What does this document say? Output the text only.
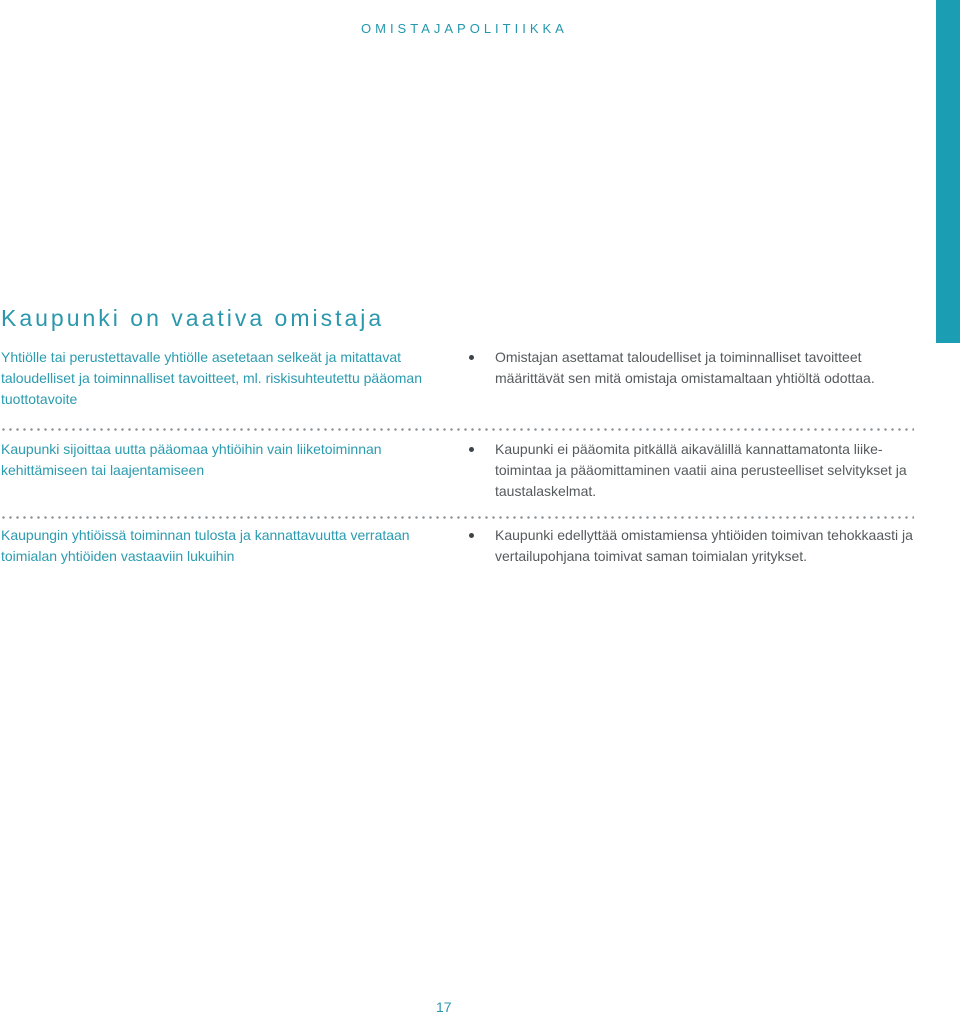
OMISTAJAPOLITIIKKA
Kaupunki on vaativa omistaja
Yhtiölle tai perustettavalle yhtiölle asetetaan selkeät ja mitattavat taloudelliset ja toiminnalliset tavoitteet, ml. riskisuhteutettu pääoman tuottotavoite
Omistajan asettamat taloudelliset ja toiminnalliset tavoitteet määrittävät sen mitä omistaja omistamaltaan yhtiöltä odottaa.
Kaupunki sijoittaa uutta pääomaa yhtiöihin vain liiketoiminnan kehittämiseen tai laajentamiseen
Kaupunki ei pääomita pitkällä aikavälillä kannattamatonta liike-toimintaa ja pääomittaminen vaatii aina perusteelliset selvitykset ja taustalaskelmat.
Kaupungin yhtiöissä toiminnan tulosta ja kannattavuutta verrataan toimialan yhtiöiden vastaaviin lukuihin
Kaupunki edellyttää omistamiensa yhtiöiden toimivan tehokkaasti ja vertailupohjana toimivat saman toimialan yritykset.
17
